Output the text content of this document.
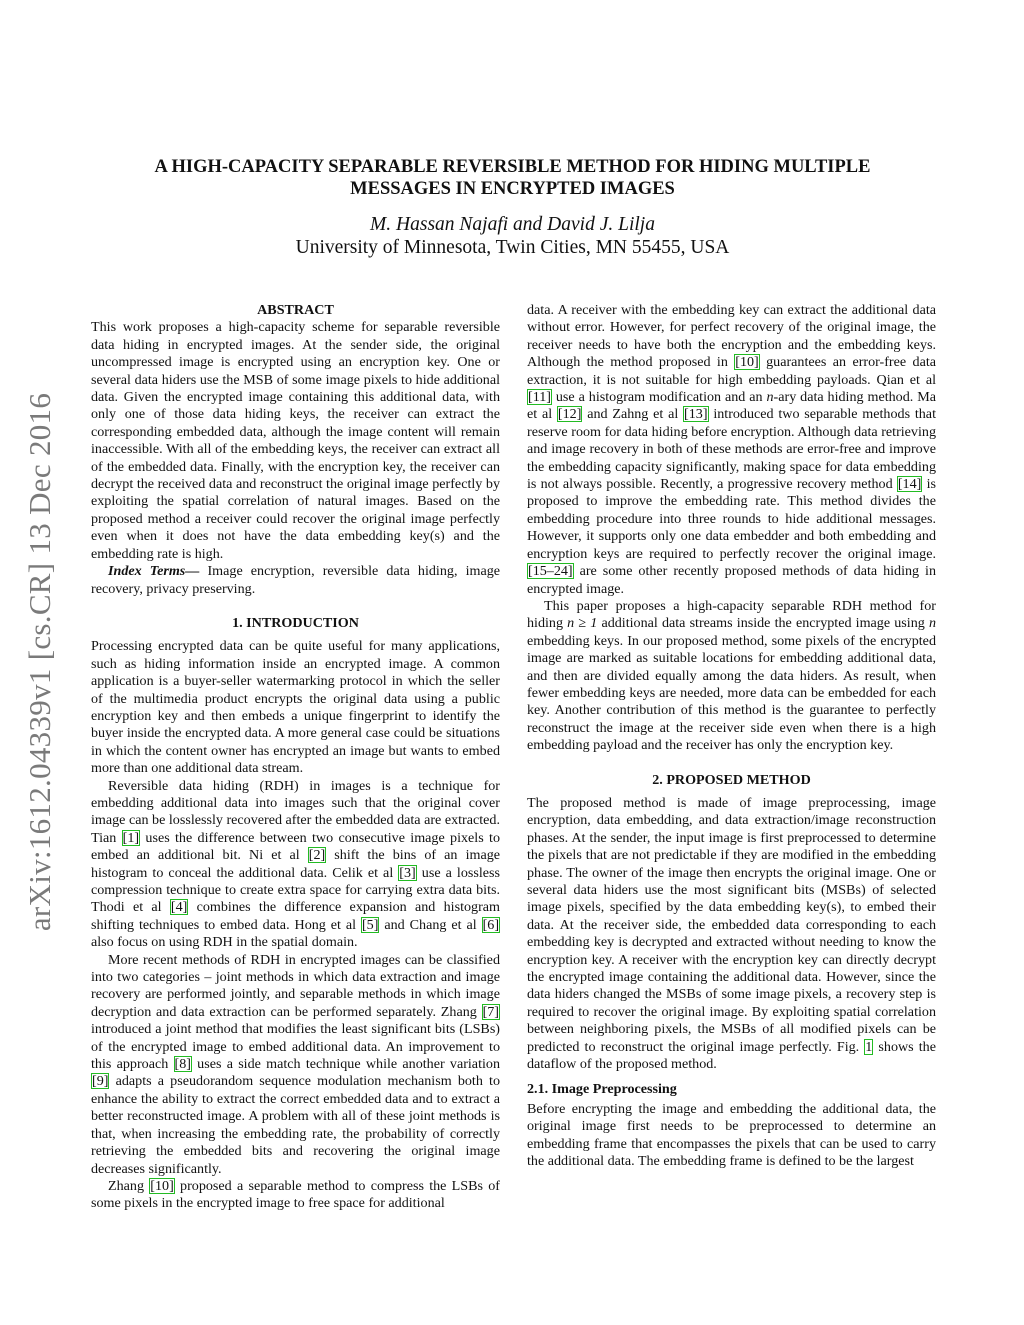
arXiv:1612.04339v1 [cs.CR] 13 Dec 2016
A HIGH-CAPACITY SEPARABLE REVERSIBLE METHOD FOR HIDING MULTIPLE
MESSAGES IN ENCRYPTED IMAGES
M. Hassan Najafi and David J. Lilja
University of Minnesota, Twin Cities, MN 55455, USA
ABSTRACT

This work proposes a high-capacity scheme for separable reversible data hiding in encrypted images. At the sender side, the original uncompressed image is encrypted using an encryption key. One or several data hiders use the MSB of some image pixels to hide additional data. Given the encrypted image containing this additional data, with only one of those data hiding keys, the receiver can extract the corresponding embedded data, although the image content will remain inaccessible. With all of the embedding keys, the receiver can extract all of the embedded data. Finally, with the encryption key, the receiver can decrypt the received data and reconstruct the original image perfectly by exploiting the spatial correlation of natural images. Based on the proposed method a receiver could recover the original image perfectly even when it does not have the data embedding key(s) and the embedding rate is high.

Index Terms— Image encryption, reversible data hiding, image recovery, privacy preserving.

1. INTRODUCTION

Processing encrypted data can be quite useful for many applications, such as hiding information inside an encrypted image. A common application is a buyer-seller watermarking protocol in which the seller of the multimedia product encrypts the original data using a public encryption key and then embeds a unique fingerprint to identify the buyer inside the encrypted data. A more general case could be situations in which the content owner has encrypted an image but wants to embed more than one additional data stream.

Reversible data hiding (RDH) in images is a technique for embedding additional data into images such that the original cover image can be losslessly recovered after the embedded data are extracted. Tian [1] uses the difference between two consecutive image pixels to embed an additional bit. Ni et al [2] shift the bins of an image histogram to conceal the additional data. Celik et al [3] use a lossless compression technique to create extra space for carrying extra data bits. Thodi et al [4] combines the difference expansion and histogram shifting techniques to embed data. Hong et al [5] and Chang et al [6] also focus on using RDH in the spatial domain.

More recent methods of RDH in encrypted images can be classified into two categories – joint methods in which data extraction and image recovery are performed jointly, and separable methods in which image decryption and data extraction can be performed separately. Zhang [7] introduced a joint method that modifies the least significant bits (LSBs) of the encrypted image to embed additional data. An improvement to this approach [8] uses a side match technique while another variation [9] adapts a pseudorandom sequence modulation mechanism both to enhance the ability to extract the correct embedded data and to extract a better reconstructed image. A problem with all of these joint methods is that, when increasing the embedding rate, the probability of correctly retrieving the embedded bits and recovering the original image decreases significantly.

Zhang [10] proposed a separable method to compress the LSBs of some pixels in the encrypted image to free space for additional

data. A receiver with the embedding key can extract the additional data without error. However, for perfect recovery of the original image, the receiver needs to have both the encryption and the embedding keys. Although the method proposed in [10] guarantees an error-free data extraction, it is not suitable for high embedding payloads. Qian et al [11] use a histogram modification and an n-ary data hiding method. Ma et al [12] and Zahng et al [13] introduced two separable methods that reserve room for data hiding before encryption. Although data retrieving and image recovery in both of these methods are error-free and improve the embedding capacity significantly, making space for data embedding is not always possible. Recently, a progressive recovery method [14] is proposed to improve the embedding rate. This method divides the embedding procedure into three rounds to hide additional messages. However, it supports only one data embedder and both embedding and encryption keys are required to perfectly recover the original image. [15–24] are some other recently proposed methods of data hiding in encrypted image.

This paper proposes a high-capacity separable RDH method for hiding n ≥ 1 additional data streams inside the encrypted image using n embedding keys. In our proposed method, some pixels of the encrypted image are marked as suitable locations for embedding additional data, and then are divided equally among the data hiders. As result, when fewer embedding keys are needed, more data can be embedded for each key. Another contribution of this method is the guarantee to perfectly reconstruct the image at the receiver side even when there is a high embedding payload and the receiver has only the encryption key.

2. PROPOSED METHOD

The proposed method is made of image preprocessing, image encryption, data embedding, and data extraction/image reconstruction phases. At the sender, the input image is first preprocessed to determine the pixels that are not predictable if they are modified in the embedding phase. The owner of the image then encrypts the original image. One or several data hiders use the most significant bits (MSBs) of selected image pixels, specified by the data embedding key(s), to embed their data. At the receiver side, the embedded data corresponding to each embedding key is decrypted and extracted without needing to know the encryption key. A receiver with the encryption key can directly decrypt the encrypted image containing the additional data. However, since the data hiders changed the MSBs of some image pixels, a recovery step is required to recover the original image. By exploiting spatial correlation between neighboring pixels, the MSBs of all modified pixels can be predicted to reconstruct the original image perfectly. Fig. 1 shows the dataflow of the proposed method.

2.1. Image Preprocessing

Before encrypting the image and embedding the additional data, the original image first needs to be preprocessed to determine an embedding frame that encompasses the pixels that can be used to carry the additional data. The embedding frame is defined to be the largest
